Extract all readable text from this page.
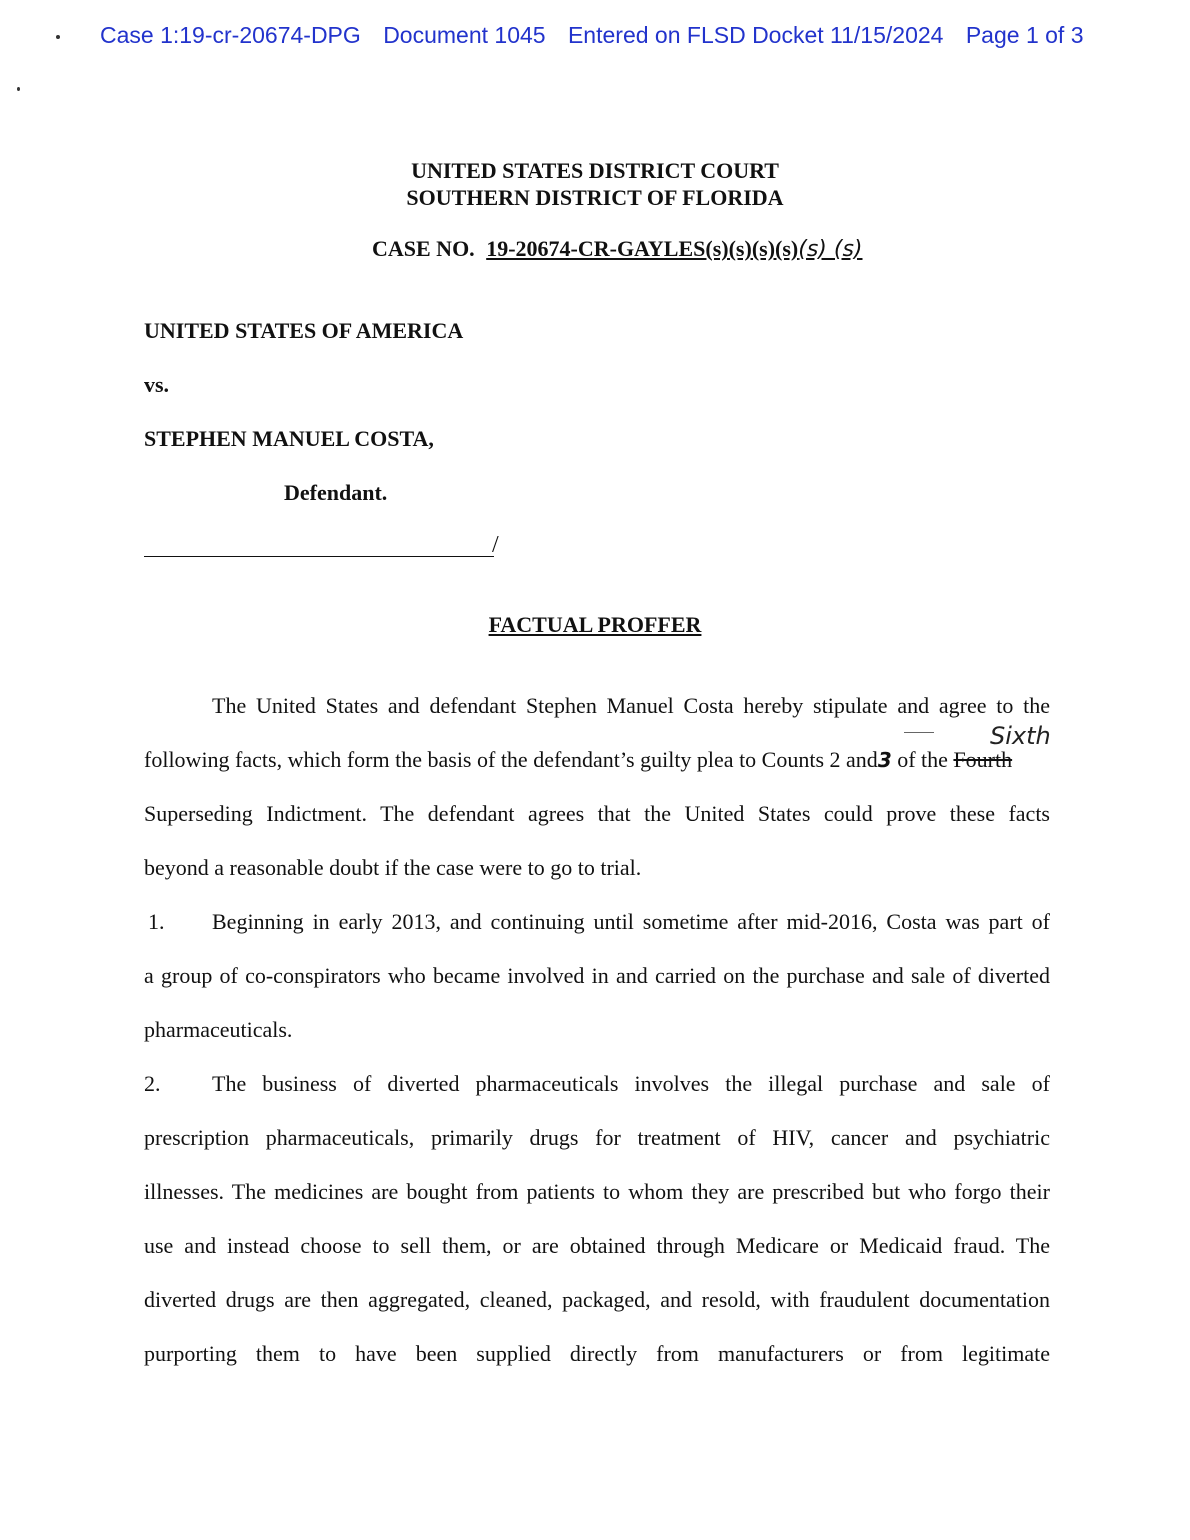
Case 1:19-cr-20674-DPG Document 1045 Entered on FLSD Docket 11/15/2024 Page 1 of 3
UNITED STATES DISTRICT COURT
SOUTHERN DISTRICT OF FLORIDA
CASE NO. 19-20674-CR-GAYLES(s)(s)(s)(s)(s) (s)
UNITED STATES OF AMERICA
vs.
STEPHEN MANUEL COSTA,
Defendant.
/
FACTUAL PROFFER
The United States and defendant Stephen Manuel Costa hereby stipulate and agree to the
Sixth
following facts, which form the basis of the defendant’s guilty plea to Counts 2 and3 of the Fourth
Superseding Indictment. The defendant agrees that the United States could prove these facts
beyond a reasonable doubt if the case were to go to trial.
1. Beginning in early 2013, and continuing until sometime after mid-2016, Costa was part of
a group of co-conspirators who became involved in and carried on the purchase and sale of diverted
pharmaceuticals.
2. The business of diverted pharmaceuticals involves the illegal purchase and sale of
prescription pharmaceuticals, primarily drugs for treatment of HIV, cancer and psychiatric
illnesses. The medicines are bought from patients to whom they are prescribed but who forgo their
use and instead choose to sell them, or are obtained through Medicare or Medicaid fraud. The
diverted drugs are then aggregated, cleaned, packaged, and resold, with fraudulent documentation
purporting them to have been supplied directly from manufacturers or from legitimate
